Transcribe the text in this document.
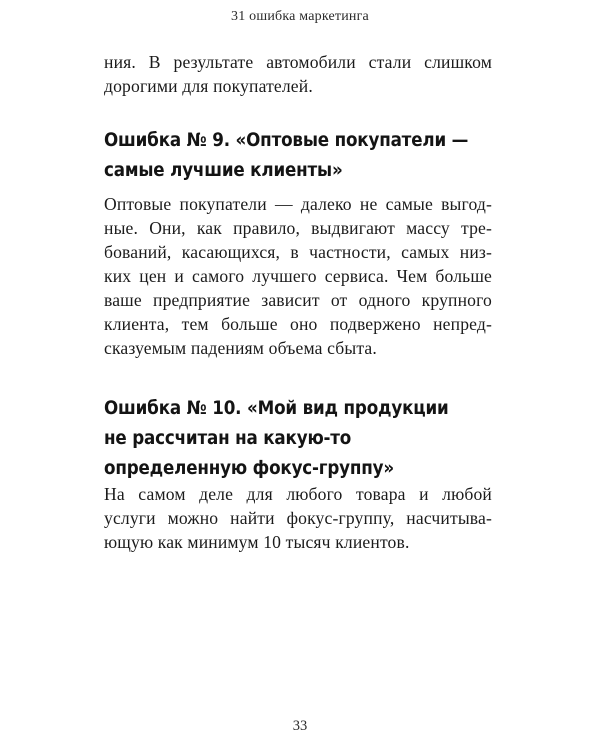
31 ошибка маркетинга
ния. В результате автомобили стали слишком
дорогими для покупателей.
Ошибка № 9. «Оптовые покупатели —
самые лучшие клиенты»
Оптовые покупатели — далеко не самые выгод-
ные. Они, как правило, выдвигают массу тре-
бований, касающихся, в частности, самых низ-
ких цен и самого лучшего сервиса. Чем больше
ваше предприятие зависит от одного крупного
клиента, тем больше оно подвержено непред-
сказуемым падениям объема сбыта.
Ошибка № 10. «Мой вид продукции
не рассчитан на какую-то
определенную фокус-группу»
На самом деле для любого товара и любой
услуги можно найти фокус-группу, насчитыва-
ющую как минимум 10 тысяч клиентов.
33
